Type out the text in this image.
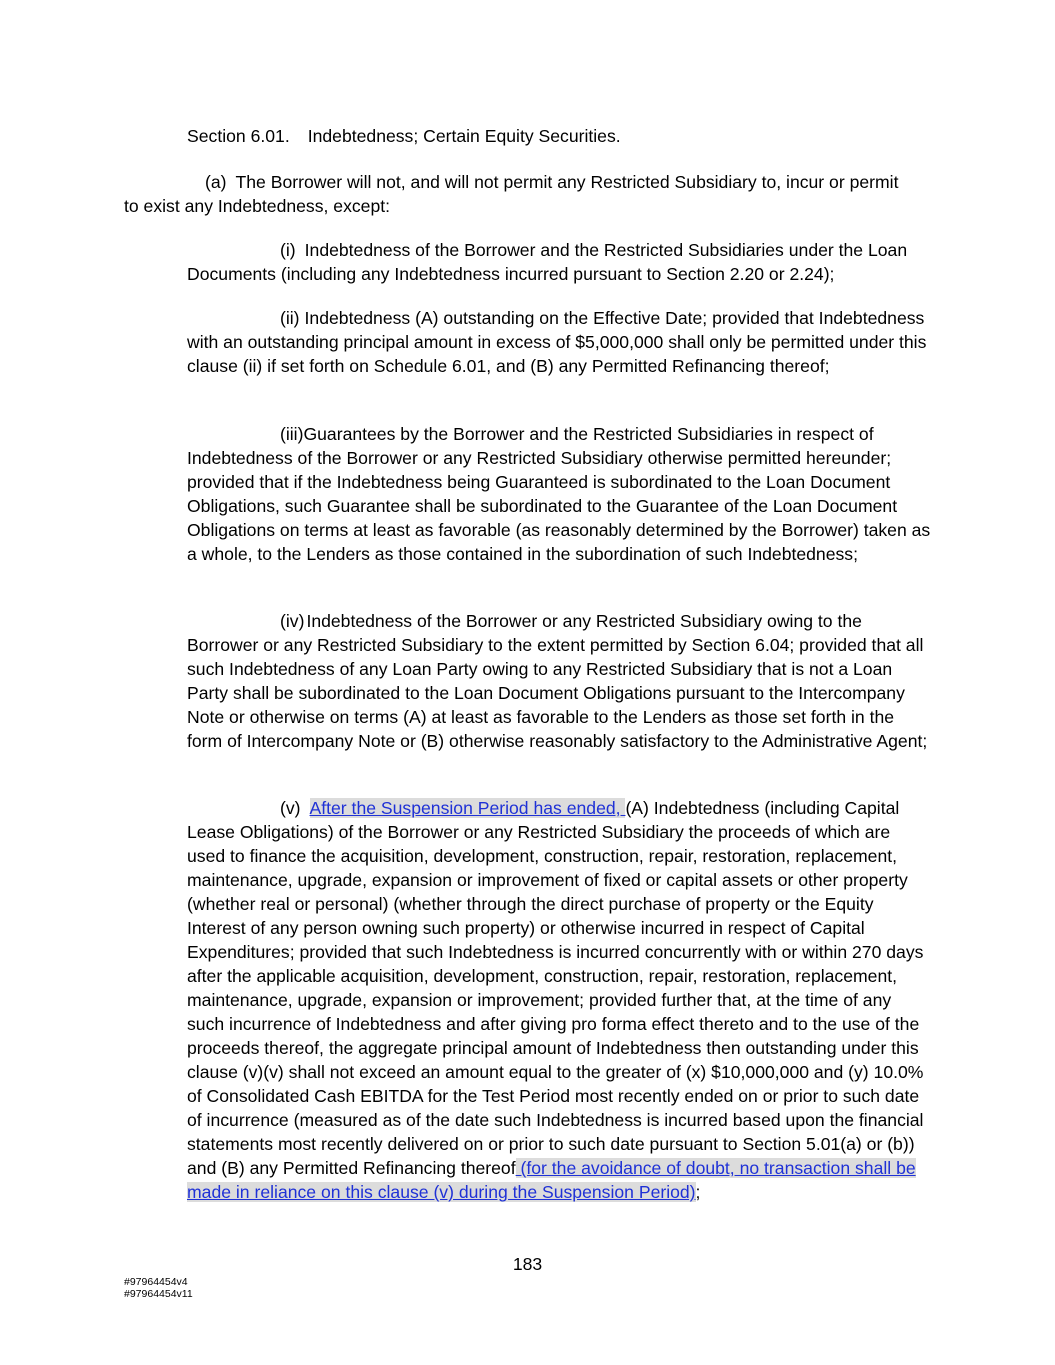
Section 6.01. Indebtedness; Certain Equity Securities.
(a) The Borrower will not, and will not permit any Restricted Subsidiary to, incur or permit to exist any Indebtedness, except:
(i) Indebtedness of the Borrower and the Restricted Subsidiaries under the Loan Documents (including any Indebtedness incurred pursuant to Section 2.20 or 2.24);
(ii) Indebtedness (A) outstanding on the Effective Date; provided that Indebtedness with an outstanding principal amount in excess of $5,000,000 shall only be permitted under this clause (ii) if set forth on Schedule 6.01, and (B) any Permitted Refinancing thereof;
(iii)Guarantees by the Borrower and the Restricted Subsidiaries in respect of Indebtedness of the Borrower or any Restricted Subsidiary otherwise permitted hereunder; provided that if the Indebtedness being Guaranteed is subordinated to the Loan Document Obligations, such Guarantee shall be subordinated to the Guarantee of the Loan Document Obligations on terms at least as favorable (as reasonably determined by the Borrower) taken as a whole, to the Lenders as those contained in the subordination of such Indebtedness;
(iv) Indebtedness of the Borrower or any Restricted Subsidiary owing to the Borrower or any Restricted Subsidiary to the extent permitted by Section 6.04; provided that all such Indebtedness of any Loan Party owing to any Restricted Subsidiary that is not a Loan Party shall be subordinated to the Loan Document Obligations pursuant to the Intercompany Note or otherwise on terms (A) at least as favorable to the Lenders as those set forth in the form of Intercompany Note or (B) otherwise reasonably satisfactory to the Administrative Agent;
(v) After the Suspension Period has ended, (A) Indebtedness (including Capital Lease Obligations) of the Borrower or any Restricted Subsidiary the proceeds of which are used to finance the acquisition, development, construction, repair, restoration, replacement, maintenance, upgrade, expansion or improvement of fixed or capital assets or other property (whether real or personal) (whether through the direct purchase of property or the Equity Interest of any person owning such property) or otherwise incurred in respect of Capital Expenditures; provided that such Indebtedness is incurred concurrently with or within 270 days after the applicable acquisition, development, construction, repair, restoration, replacement, maintenance, upgrade, expansion or improvement; provided further that, at the time of any such incurrence of Indebtedness and after giving pro forma effect thereto and to the use of the proceeds thereof, the aggregate principal amount of Indebtedness then outstanding under this clause (v)(v) shall not exceed an amount equal to the greater of (x) $10,000,000 and (y) 10.0% of Consolidated Cash EBITDA for the Test Period most recently ended on or prior to such date of incurrence (measured as of the date such Indebtedness is incurred based upon the financial statements most recently delivered on or prior to such date pursuant to Section 5.01(a) or (b)) and (B) any Permitted Refinancing thereof (for the avoidance of doubt, no transaction shall be made in reliance on this clause (v) during the Suspension Period);
183
#97964454v4
#97964454v11
